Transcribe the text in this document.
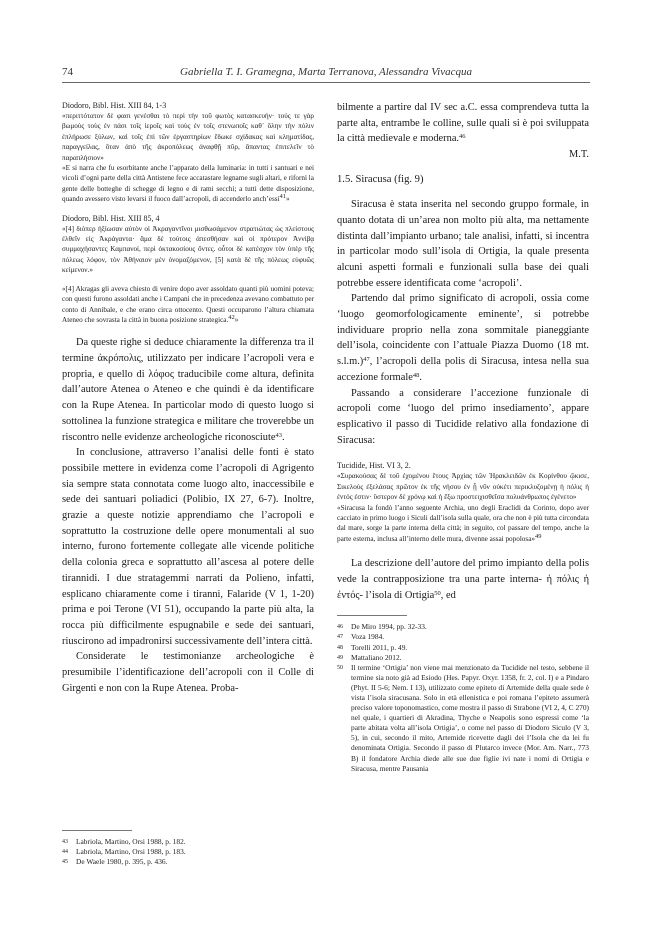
74	Gabriella T. I. Gramegna, Marta Terranova, Alessandra Vivacqua

Diodoro, Bibl. Hist. XIII 84, 1-3

«περιττότατον δὲ φασι γενέσθαι τὸ περὶ τὴν τοῦ φωτὸς κατασκευήν· τούς τε γὰρ βωμοὺς τοὺς ἐν πάσι τοῖς ἱεροῖς καὶ τοὺς ἐν τοῖς στενωποῖς καθ᾽ ὅλην τὴν πόλιν ἐπλήρωσε ξύλων, καὶ τοῖς ἐπὶ τῶν ἐργαστηρίων ἔδωκε σχίδακας καὶ κληματίδας, παραγγείλας, ὅταν ἀπὸ τῆς ἀκροπόλεως ἀναφθῇ πῦρ, ἅπαντας ἐπιτελεῖν τὸ παραπλήσιον»

«E si narra che fu esorbitante anche l’apparato della luminaria: in tutti i santuari e nei vicoli d’ogni parte della città Antistene fece accatastare legname sugli altari, e rifornì la gente delle botteghe di schegge di legno e di rami secchi; a tutti dette disposizione, quando avessero visto levarsi il fuoco dall’acropoli, di accenderlo anch’essi$^{41}$»

Diodoro, Bibl. Hist. XIII 85, 4

«[4] διόπερ ἠξίωσαν αὐτὸν οἱ Ἀκραγαντῖνοι μισθωσάμενον στρατιώτας ὡς πλείστους ἐλθεῖν εἰς Ἀκράγαντα· ἅμα δὲ τούτοις ἀπεσθήσαν καὶ οἱ πρότερον Ἀννίβᾳ συμμαχήσαντες Καμπανοί, περὶ ὀκτακοσίους ὄντες. οὗτοι δὲ κατέσχον τὸν ὑπὲρ τῆς πόλεως λόφον, τὸν Ἀθήναιον μὲν ὀνομαζόμενον, [5] κατὰ δὲ τῆς πόλεως εὐφυῶς κείμενον.»

«[4] Akragas gli aveva chiesto di venire dopo aver assoldato quanti più uomini poteva; con questi furono assoldati anche i Campani che in precedenza avevano combattuto per conto di Annibale, e che erano circa ottocento. Questi occuparono l’altura chiamata Ateneo che sovrasta la città in buona posizione strategica.$^{42}$»

Da queste righe si deduce chiaramente la differenza tra il termine ἀκρόπολις, utilizzato per indicare l’acropoli vera e propria, e quello di λόφος traducibile come altura, definita dall’autore Atenea o Ateneo e che quindi è da identificare con la Rupe Atenea. In particolar modo di questo luogo si sottolinea la funzione strategica e militare che troverebbe un riscontro nelle evidenze archeologiche riconosciute$^{43}$.

In conclusione, attraverso l’analisi delle fonti è stato possibile mettere in evidenza come l’acropoli di Agrigento sia sempre stata connotata come luogo alto, inaccessibile e sede dei santuari poliadici (Polibio, IX 27, 6-7). Inoltre, grazie a queste notizie apprendiamo che l’acropoli e soprattutto la costruzione delle opere monumentali al suo interno, furono fortemente collegate alle vicende politiche della colonia greca e soprattutto all’ascesa al potere delle tirannidi. I due stratagemmi narrati da Polieno, infatti, esplicano chiaramente come i tiranni, Falaride (V 1, 1-20) prima e poi Terone (VI 51), occupando la parte più alta, la rocca più difficilmente espugnabile e sede dei santuari, riuscirono ad impadronirsi successivamente dell’intera città.

Considerate le testimonianze archeologiche è presumibile l’identificazione dell’acropoli con il Colle di Girgenti e non con la Rupe Atenea. Proba-

43 Labriola, Martino, Orsi 1988, p. 182.

44 Labriola, Martino, Orsi 1988, p. 183.

45 De Waele 1980, p. 395, p. 436.

bilmente a partire dal IV sec a.C. essa comprendeva tutta la parte alta, entrambe le colline, sulle quali si è poi sviluppata la città medievale e moderna.$^{46}$

M.T.
1.5. Siracusa (fig. 9)

Siracusa è stata inserita nel secondo gruppo formale, in quanto dotata di un’area non molto più alta, ma nettamente distinta dall’impianto urbano; tale analisi, infatti, si incentra in particolar modo sull’isola di Ortigia, la quale presenta alcuni aspetti formali e funzionali sulla base dei quali potrebbe essere identificata come ‘acropoli’.

Partendo dal primo significato di acropoli, ossia come ‘luogo geomorfologicamente eminente’, si potrebbe individuare proprio nella zona sommitale pianeggiante dell’isola, coincidente con l’attuale Piazza Duomo (18 mt. s.l.m.)$^{47}$, l’acropoli della polis di Siracusa, intesa nella sua accezione formale$^{48}$.

Passando a considerare l’accezione funzionale di acropoli come ‘luogo del primo insediamento’, appare esplicativo il passo di Tucidide relativo alla fondazione di Siracusa:

Tucidide, Hist. VI 3, 2.

«Συρακούσας δὲ τοῦ ἐχομένου ἔτους Ἀρχίας τῶν Ἡρακλειδῶν ἐκ Κορίνθου ᾤκισε, Σικελοὺς ἐξελάσας πρῶτον ἐκ τῆς νήσου ἐν ᾗ νῦν οὐκέτι περικλυζομένῃ ἡ πόλις ἡ ἐντός ἐστιν· ὕστερον δὲ χρόνῳ καὶ ἡ ἔξω προστειχισθεῖσα πολυάνθρωπος ἐγένετο»

«Siracusa la fondò l’anno seguente Archia, uno degli Eraclidi da Corinto, dopo aver cacciato in primo luogo i Siculi dall’isola sulla quale, ora che non è più tutta circondata dal mare, sorge la parte interna della città; in seguito, col passare del tempo, anche la parte esterna, inclusa all’interno delle mura, divenne assai popolosa»$^{49}$

La descrizione dell’autore del primo impianto della polis vede la contrapposizione tra una parte interna- ἡ πόλις ἡ ἐντός- l’isola di Ortigia$^{50}$, ed

46 De Miro 1994, pp. 32-33.

47 Voza 1984.

48 Torelli 2011, p. 49.

49 Mattaliano 2012.

50 Il termine ‘Ortigia’ non viene mai menzionato da Tucidide nel testo, sebbene il termine sia noto già ad Esiodo (Hes. Papyr. Oxyr. 1358, fr. 2, col. I) e a Pindaro (Phyt. II 5-6; Nem. I 13), utilizzato come epiteto di Artemide della quale sede è vista l’isola siracusana. Solo in età ellenistica e poi romana l’epiteto assumerà preciso valore toponomastico, come mostra il passo di Strabone (VI 2, 4, C 270) nel quale, i quartieri di Akradina, Thyche e Neapolis sono espressi come ‘la parte abitata volta all’isola Ortigia’, o come nel passo di Diodoro Siculo (V 3, 5), in cui, secondo il mito, Artemide ricevette dagli dei l’Isola che da lei fu denominata Ortigia. Secondo il passo di Plutarco invece (Mor. Am. Narr., 773 B) il fondatore Archia diede alle sue due figlie ivi nate i nomi di Ortigia e Siracusa, mentre Pausania
